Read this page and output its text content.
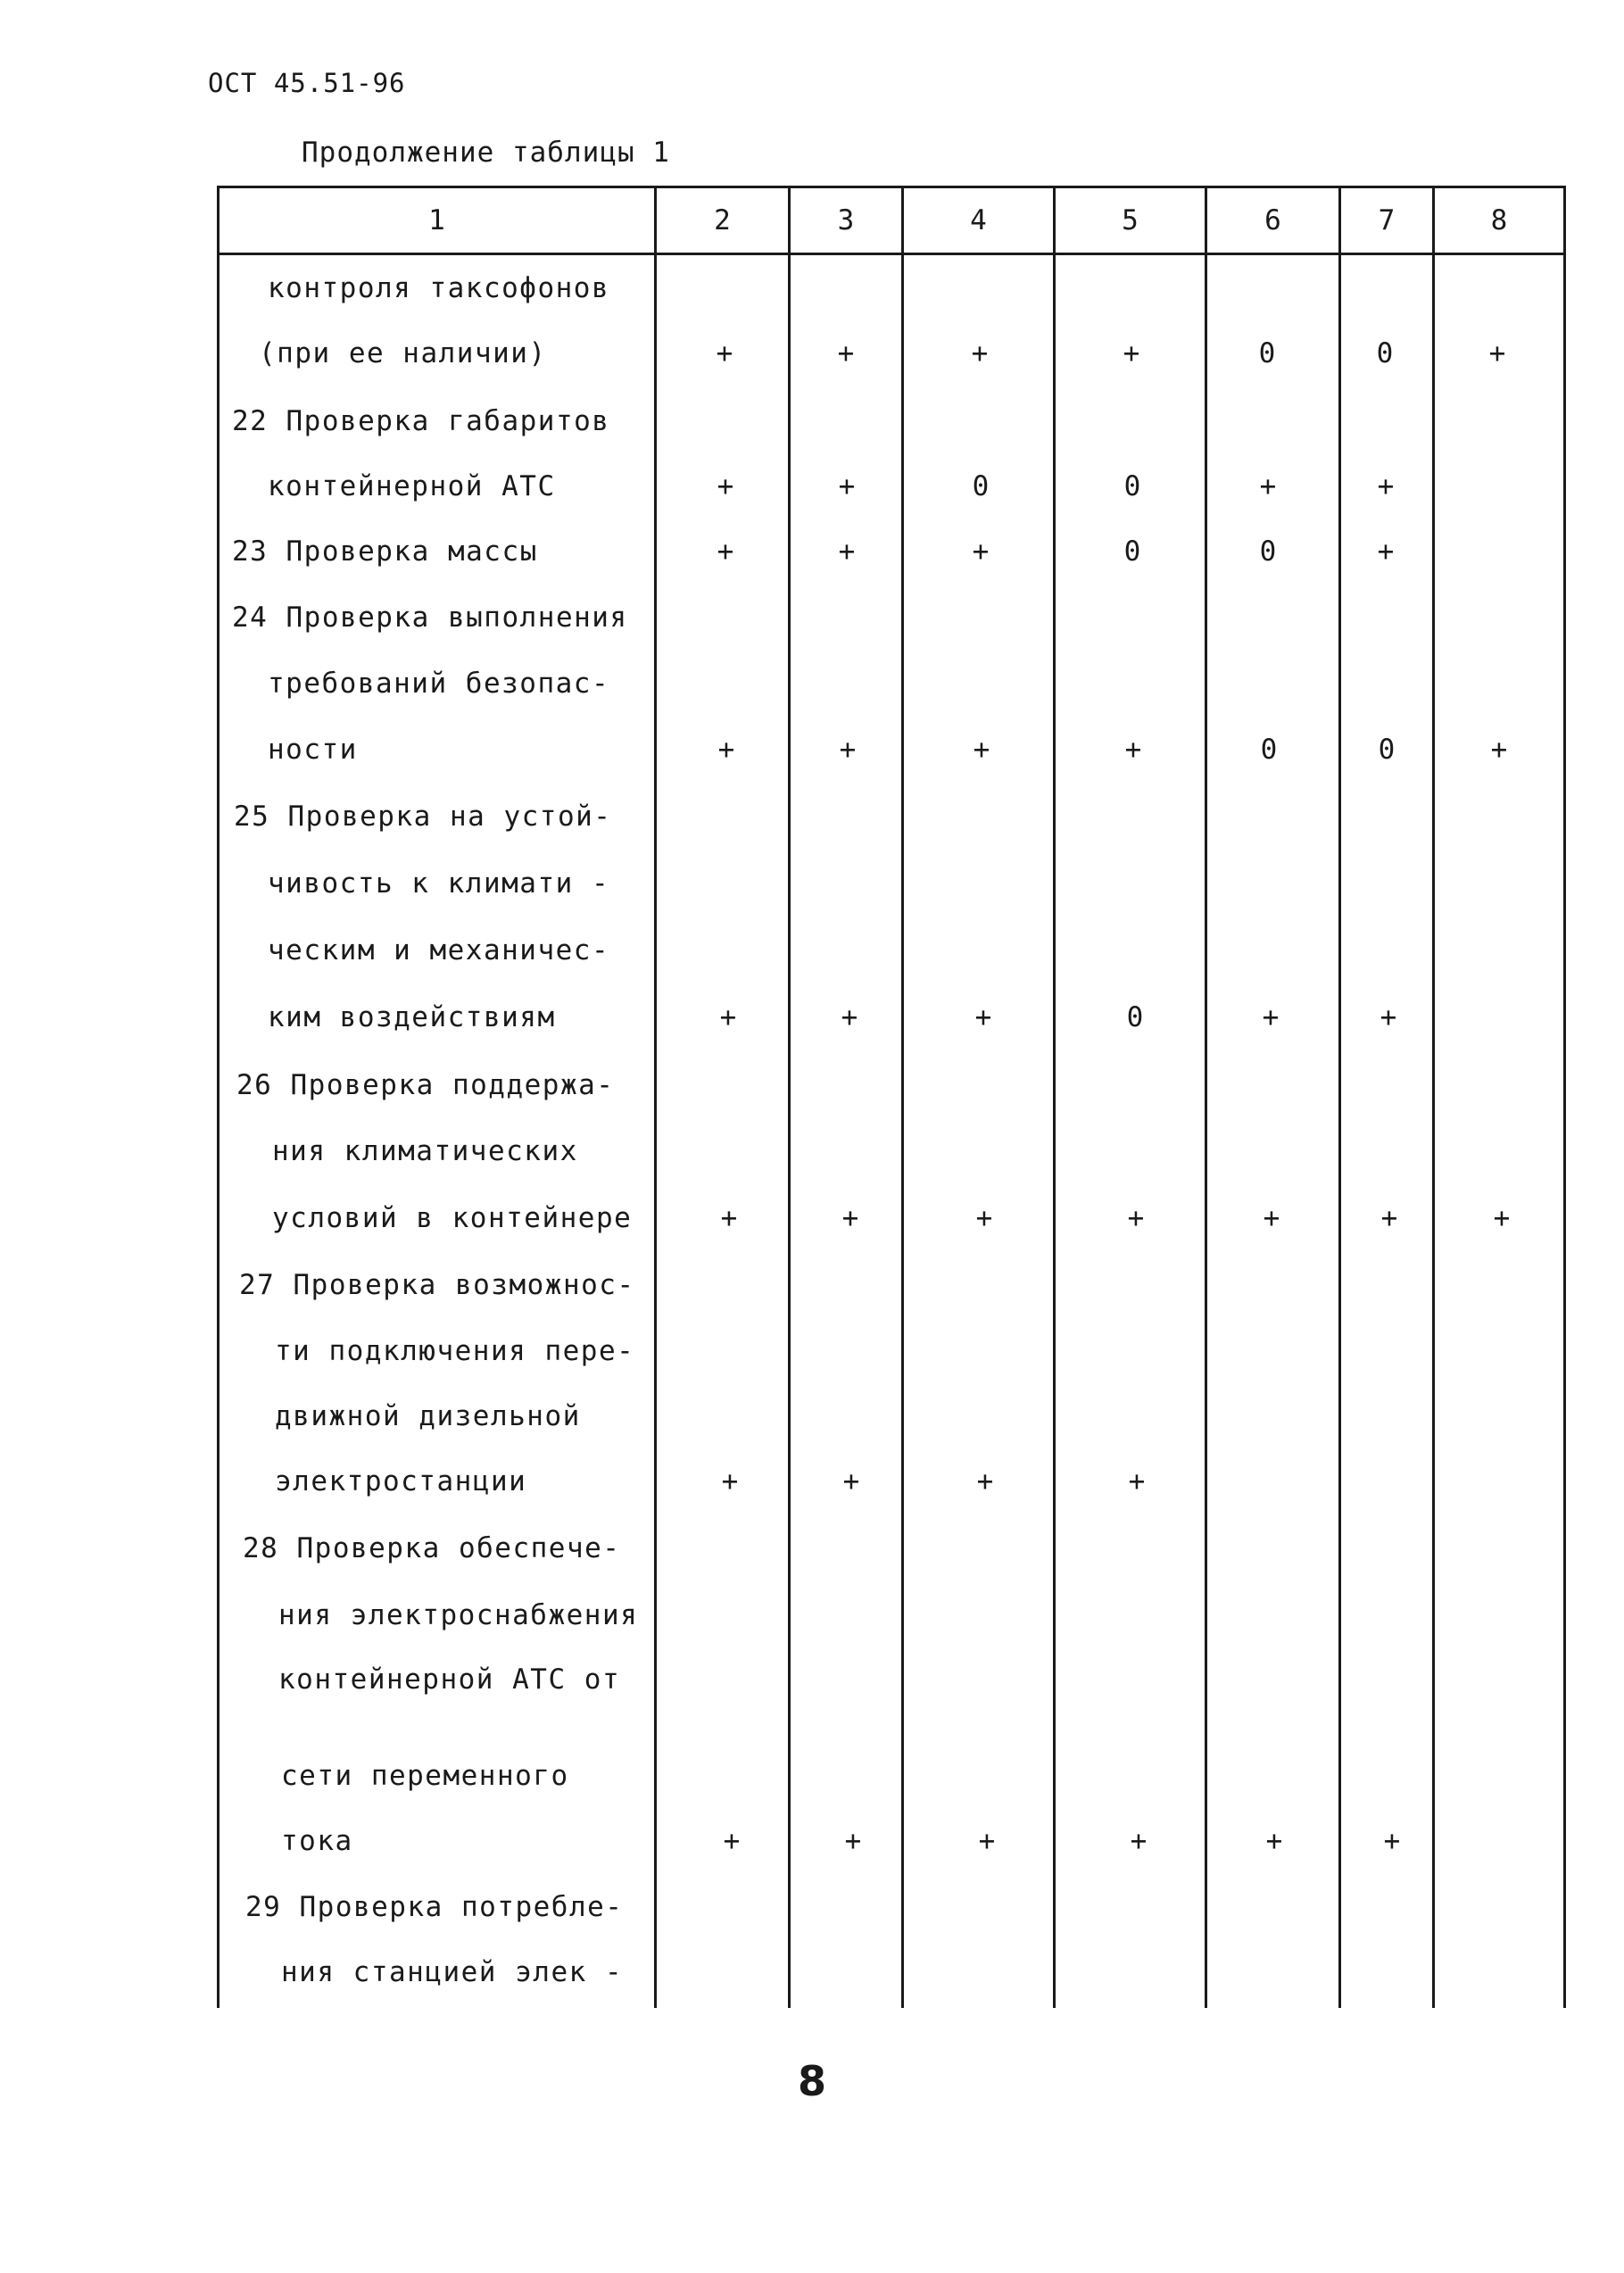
ОСТ 45.51-96
Продолжение таблицы 1
1	2	3	4	5	6	7	8
контроля таксофонов
(при ее наличии)	+	+	+	+	0	0	+
22 Проверка габаритов
контейнерной АТС	+	+	0	0	+	+
23 Проверка массы	+	+	+	0	0	+
24 Проверка выполнения
требований безопас-
ности	+	+	+	+	0	0	+
25 Проверка на устой-
чивость к климати -
ческим и механичес-
ким воздействиям	+	+	+	0	+	+
26 Проверка поддержа-
ния климатических
условий в контейнере	+	+	+	+	+	+	+
27 Проверка возможнос-
ти подключения пере-
движной дизельной
электростанции	+	+	+	+
28 Проверка обеспече-
ния электроснабжения
контейнерной АТС от
сети переменного
тока	+	+	+	+	+	+
29 Проверка потребле-
ния станцией элек -
8
